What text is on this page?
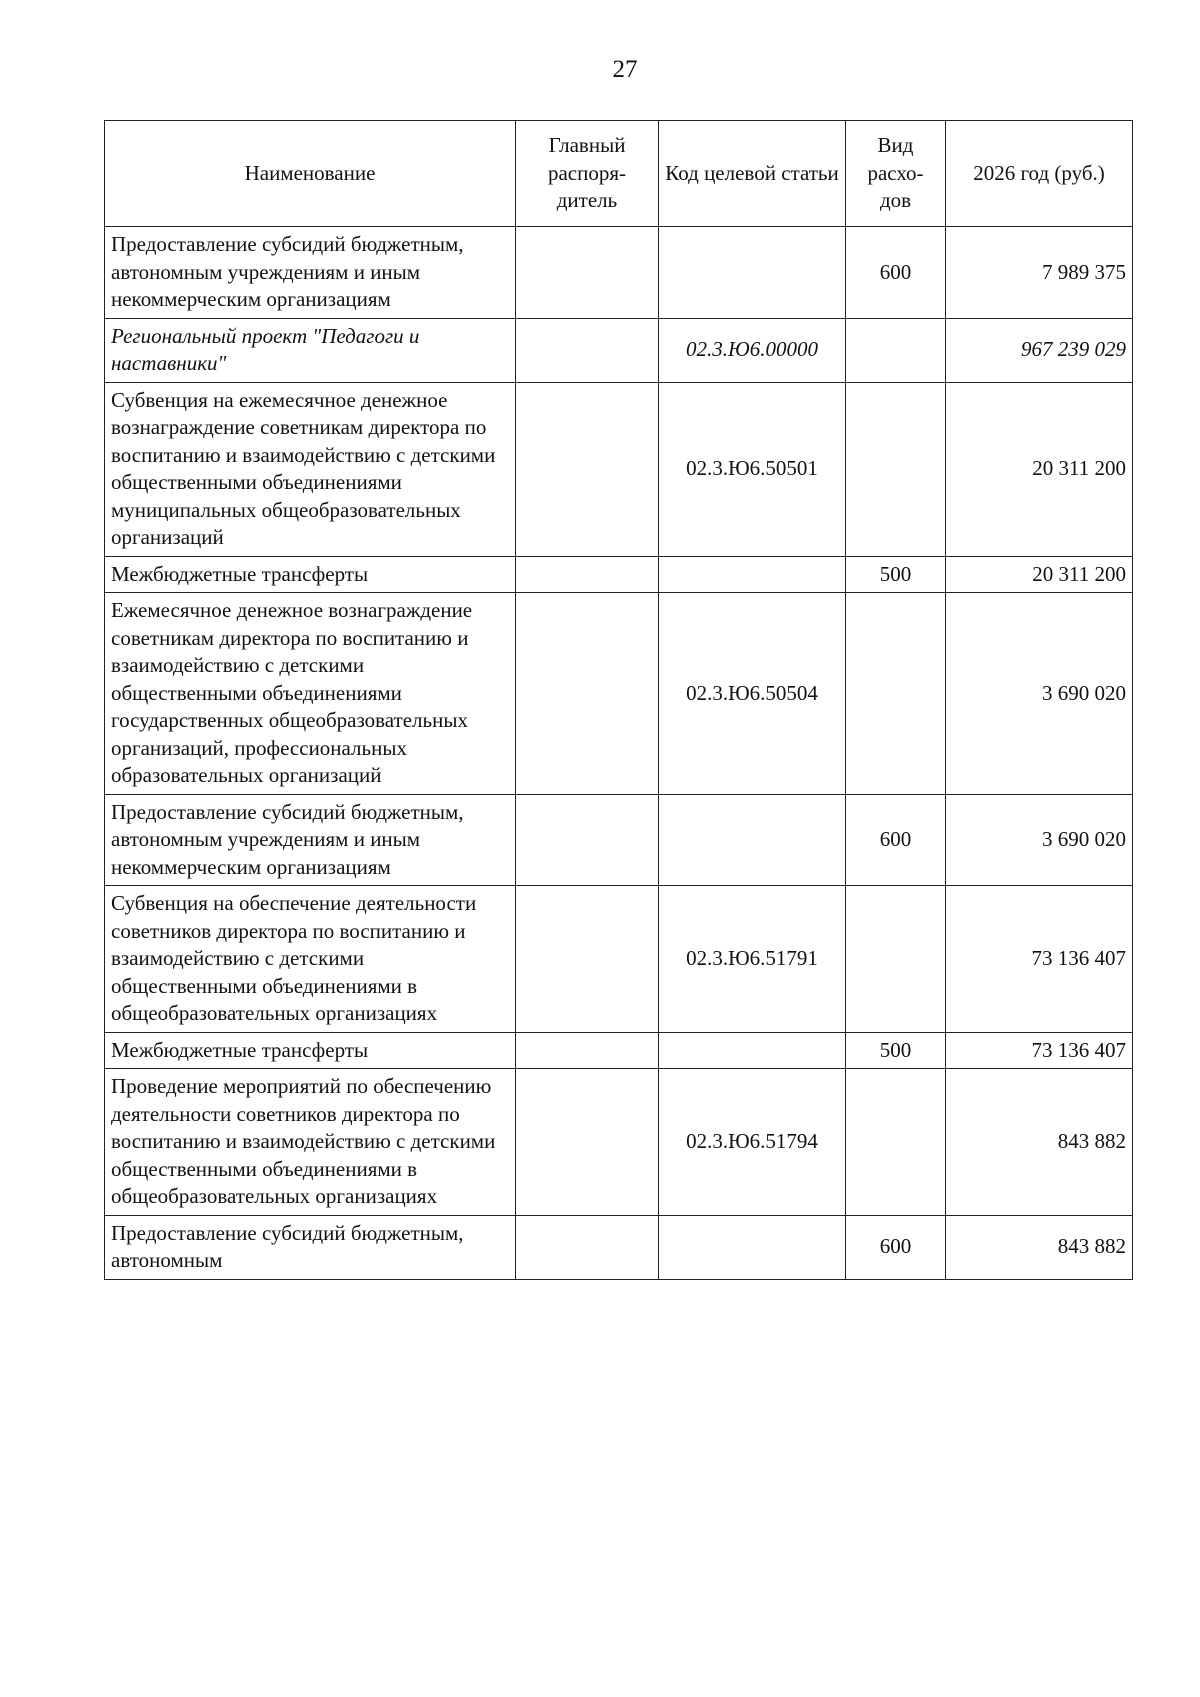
27
Наименование	Главный распоря-дитель	Код целевой статьи	Вид расхо-дов	2026 год (руб.)
Предоставление субсидий бюджетным, автономным учреждениям и иным некоммерческим организациям			600	7 989 375
Региональный проект "Педагоги и наставники"		02.3.Ю6.00000		967 239 029
Субвенция на ежемесячное денежное вознаграждение советникам директора по воспитанию и взаимодействию с детскими общественными объединениями муниципальных общеобразовательных организаций		02.3.Ю6.50501		20 311 200
Межбюджетные трансферты			500	20 311 200
Ежемесячное денежное вознаграждение советникам директора по воспитанию и взаимодействию с детскими общественными объединениями государственных общеобразовательных организаций, профессиональных образовательных организаций		02.3.Ю6.50504		3 690 020
Предоставление субсидий бюджетным, автономным учреждениям и иным некоммерческим организациям			600	3 690 020
Субвенция на обеспечение деятельности советников директора по воспитанию и взаимодействию с детскими общественными объединениями в общеобразовательных организациях		02.3.Ю6.51791		73 136 407
Межбюджетные трансферты			500	73 136 407
Проведение мероприятий по обеспечению деятельности советников директора по воспитанию и взаимодействию с детскими общественными объединениями в общеобразовательных организациях		02.3.Ю6.51794		843 882
Предоставление субсидий бюджетным, автономным			600	843 882
